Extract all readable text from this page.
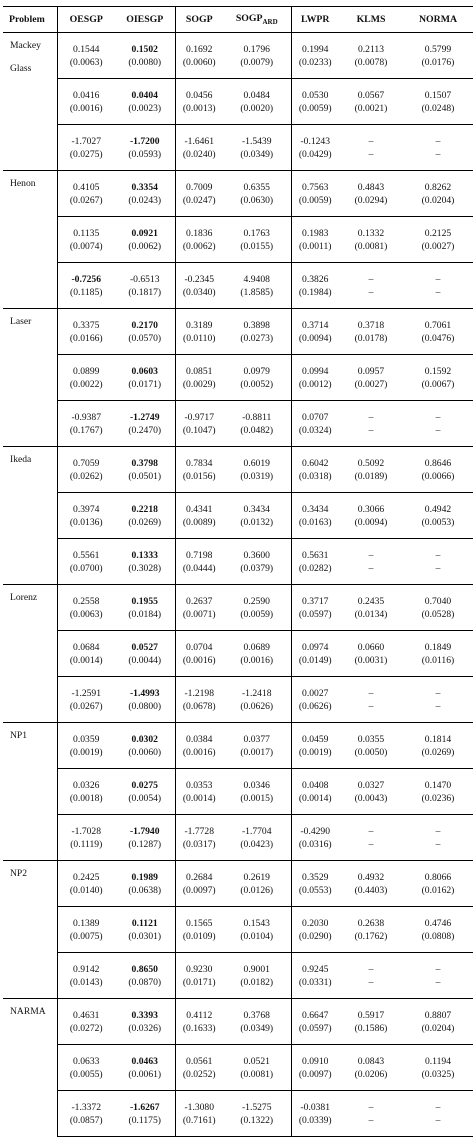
Problem	OESGP	OIESGP	SOGP	$SOGP_{ARD}$	LWPR	KLMS	NORMA

Mackey
Glass	0.1544	0.1502	0.1692	0.1796	0.1994	0.2113	0.5799
	(0.0063)	(0.0080)	(0.0060)	(0.0079)	(0.0233)	(0.0078)	(0.0176)
	0.0416	0.0404	0.0456	0.0484	0.0530	0.0567	0.1507
	(0.0016)	(0.0023)	(0.0013)	(0.0020)	(0.0059)	(0.0021)	(0.0248)
	-1.7027	-1.7200	-1.6461	-1.5439	-0.1243	–	–
	(0.0275)	(0.0593)	(0.0240)	(0.0349)	(0.0429)	–	–

Henon	0.4105	0.3354	0.7009	0.6355	0.7563	0.4843	0.8262
	(0.0267)	(0.0243)	(0.0247)	(0.0630)	(0.0059)	(0.0294)	(0.0204)
	0.1135	0.0921	0.1836	0.1763	0.1983	0.1332	0.2125
	(0.0074)	(0.0062)	(0.0062)	(0.0155)	(0.0011)	(0.0081)	(0.0027)
	-0.7256	-0.6513	-0.2345	4.9408	0.3826	–	–
	(0.1185)	(0.1817)	(0.0340)	(1.8585)	(0.1984)	–	–

Laser	0.3375	0.2170	0.3189	0.3898	0.3714	0.3718	0.7061
	(0.0166)	(0.0570)	(0.0110)	(0.0273)	(0.0094)	(0.0178)	(0.0476)
	0.0899	0.0603	0.0851	0.0979	0.0994	0.0957	0.1592
	(0.0022)	(0.0171)	(0.0029)	(0.0052)	(0.0012)	(0.0027)	(0.0067)
	-0.9387	-1.2749	-0.9717	-0.8811	0.0707	–	–
	(0.1767)	(0.2470)	(0.1047)	(0.0482)	(0.0324)	–	–

Ikeda	0.7059	0.3798	0.7834	0.6019	0.6042	0.5092	0.8646
	(0.0262)	(0.0501)	(0.0156)	(0.0319)	(0.0318)	(0.0189)	(0.0066)
	0.3974	0.2218	0.4341	0.3434	0.3434	0.3066	0.4942
	(0.0136)	(0.0269)	(0.0089)	(0.0132)	(0.0163)	(0.0094)	(0.0053)
	0.5561	0.1333	0.7198	0.3600	0.5631	–	–
	(0.0700)	(0.3028)	(0.0444)	(0.0379)	(0.0282)	–	–

Lorenz	0.2558	0.1955	0.2637	0.2590	0.3717	0.2435	0.7040
	(0.0063)	(0.0184)	(0.0071)	(0.0059)	(0.0597)	(0.0134)	(0.0528)
	0.0684	0.0527	0.0704	0.0689	0.0974	0.0660	0.1849
	(0.0014)	(0.0044)	(0.0016)	(0.0016)	(0.0149)	(0.0031)	(0.0116)
	-1.2591	-1.4993	-1.2198	-1.2418	0.0027	–	–
	(0.0267)	(0.0800)	(0.0678)	(0.0626)	(0.0626)	–	–

NP1	0.0359	0.0302	0.0384	0.0377	0.0459	0.0355	0.1814
	(0.0019)	(0.0060)	(0.0016)	(0.0017)	(0.0019)	(0.0050)	(0.0269)
	0.0326	0.0275	0.0353	0.0346	0.0408	0.0327	0.1470
	(0.0018)	(0.0054)	(0.0014)	(0.0015)	(0.0014)	(0.0043)	(0.0236)
	-1.7028	-1.7940	-1.7728	-1.7704	-0.4290	–	–
	(0.1119)	(0.1287)	(0.0317)	(0.0423)	(0.0316)	–	–

NP2	0.2425	0.1989	0.2684	0.2619	0.3529	0.4932	0.8066
	(0.0140)	(0.0638)	(0.0097)	(0.0126)	(0.0553)	(0.4403)	(0.0162)
	0.1389	0.1121	0.1565	0.1543	0.2030	0.2638	0.4746
	(0.0075)	(0.0301)	(0.0109)	(0.0104)	(0.0290)	(0.1762)	(0.0808)
	0.9142	0.8650	0.9230	0.9001	0.9245	–	–
	(0.0143)	(0.0870)	(0.0171)	(0.0182)	(0.0331)	–	–

NARMA	0.4631	0.3393	0.4112	0.3768	0.6647	0.5917	0.8807
	(0.0272)	(0.0326)	(0.1633)	(0.0349)	(0.0597)	(0.1586)	(0.0204)
	0.0633	0.0463	0.0561	0.0521	0.0910	0.0843	0.1194
	(0.0055)	(0.0061)	(0.0252)	(0.0081)	(0.0097)	(0.0206)	(0.0325)
	-1.3372	-1.6267	-1.3080	-1.5275	-0.0381	–	–
	(0.0857)	(0.1175)	(0.7161)	(0.1322)	(0.0339)	–	–
